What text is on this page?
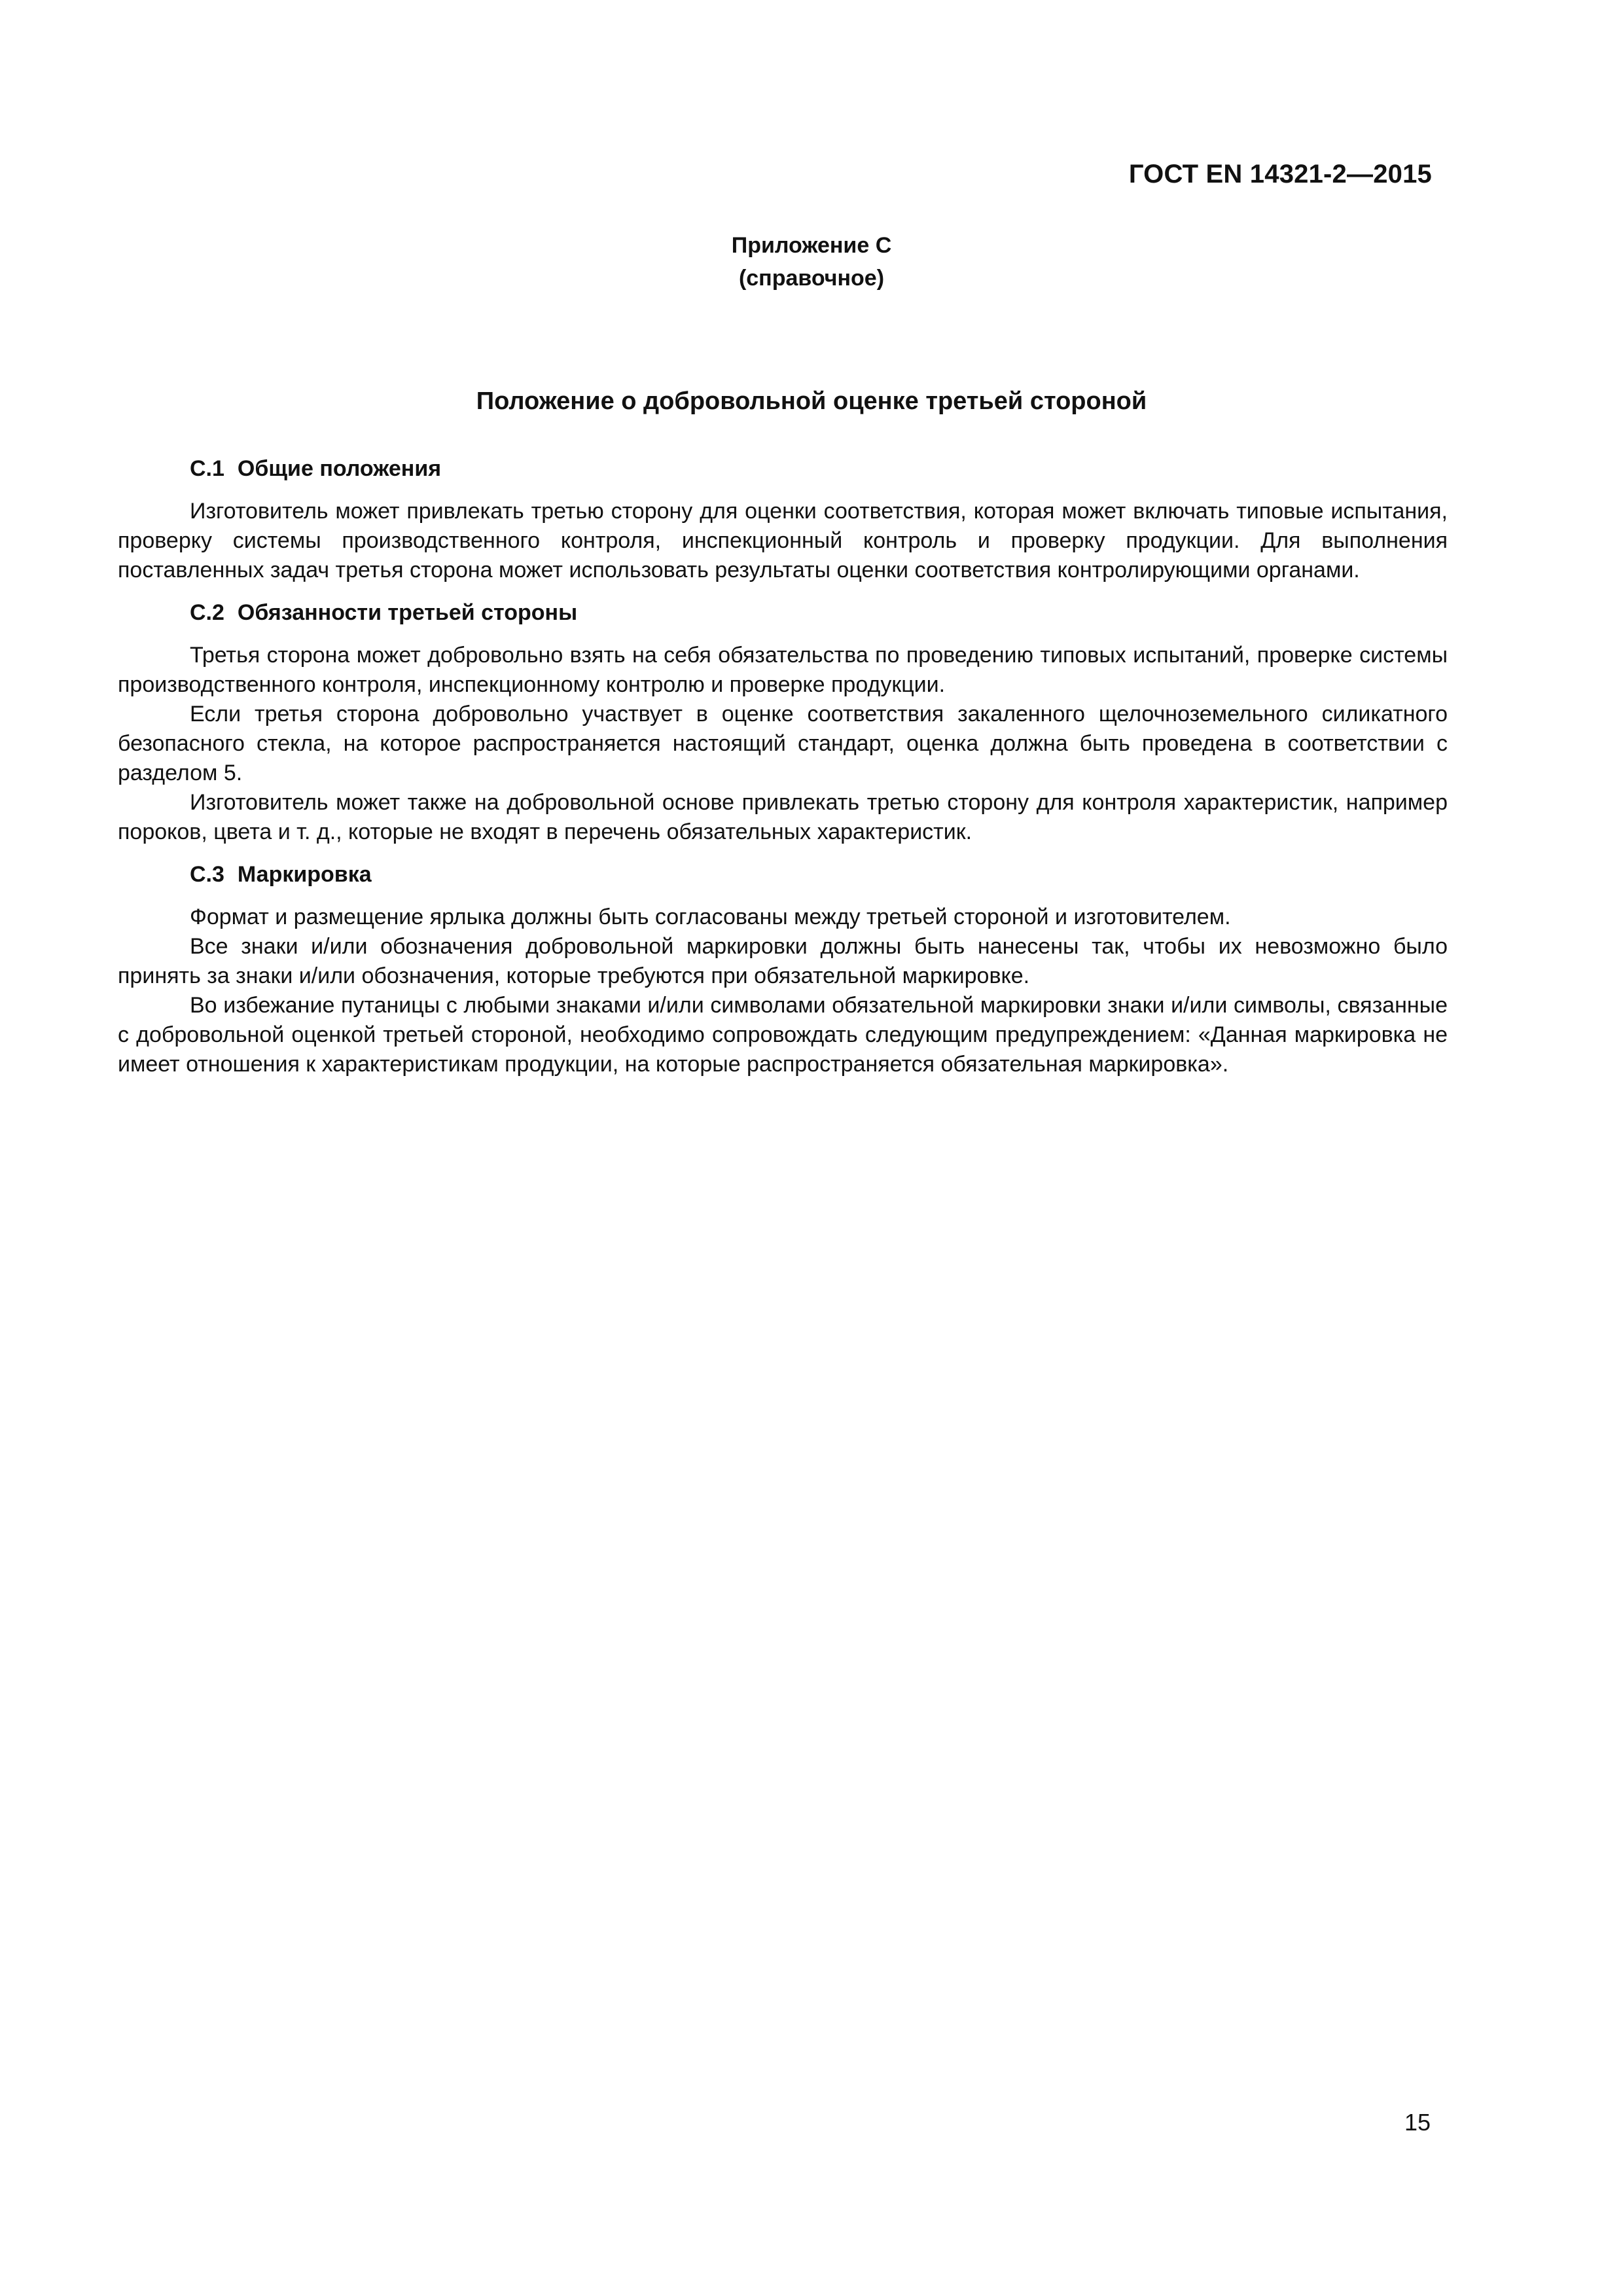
ГОСТ EN 14321-2—2015
Приложение С
(справочное)
Положение о добровольной оценке третьей стороной
С.1 Общие положения

Изготовитель может привлекать третью сторону для оценки соответствия, которая может включать типовые испытания, проверку системы производственного контроля, инспекционный контроль и проверку продукции. Для выполнения поставленных задач третья сторона может использовать результаты оценки соответствия контролирующими органами.

С.2 Обязанности третьей стороны

Третья сторона может добровольно взять на себя обязательства по проведению типовых испытаний, проверке системы производственного контроля, инспекционному контролю и проверке продукции.

Если третья сторона добровольно участвует в оценке соответствия закаленного щелочноземельного силикатного безопасного стекла, на которое распространяется настоящий стандарт, оценка должна быть проведена в соответствии с разделом 5.

Изготовитель может также на добровольной основе привлекать третью сторону для контроля характеристик, например пороков, цвета и т. д., которые не входят в перечень обязательных характеристик.

С.3 Маркировка

Формат и размещение ярлыка должны быть согласованы между третьей стороной и изготовителем.

Все знаки и/или обозначения добровольной маркировки должны быть нанесены так, чтобы их невозможно было принять за знаки и/или обозначения, которые требуются при обязательной маркировке.

Во избежание путаницы с любыми знаками и/или символами обязательной маркировки знаки и/или символы, связанные с добровольной оценкой третьей стороной, необходимо сопровождать следующим предупреждением: «Данная маркировка не имеет отношения к характеристикам продукции, на которые распространяется обязательная маркировка».

15
